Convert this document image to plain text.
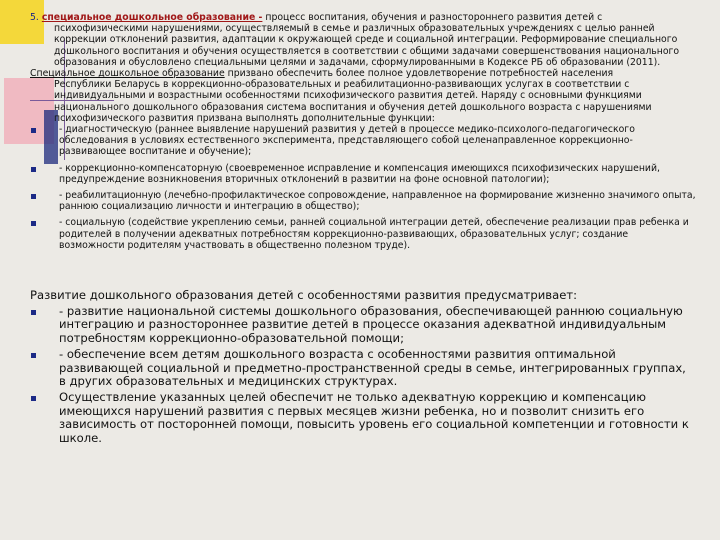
5. специальное дошкольное образование - процесс воспитания, обучения и разностороннего развития детей с
психофизическими нарушениями, осуществляемый в семье и различных образовательных учреждениях с целью ранней коррекции отклонений развития, адаптации к окружающей среде и социальной интеграции. Реформирование специального дошкольного воспитания и обучения осуществляется в соответствии с общими задачами совершенствования национального образования и обусловлено специальными целями и задачами, сформулированными в Кодексе РБ об образовании (2011).
Специальное дошкольное образование призвано обеспечить более полное удовлетворение потребностей населения
Республики Беларусь в коррекционно-образовательных и реабилитационно-развивающих услугах в соответствии с индивидуальными и возрастными особенностями психофизического развития детей. Наряду с основными функциями национального дошкольного образования система воспитания и обучения детей дошкольного возраста с нарушениями психофизического развития призвана выполнять дополнительные функции:
- диагностическую (раннее выявление нарушений развития у детей в процессе медико-психолого-педагогического обследования в условиях естественного эксперимента, представляющего собой целенаправленное коррекционно-развивающее воспитание и обучение);
- коррекционно-компенсаторную (своевременное исправление и компенсация имеющихся психофизических нарушений, предупреждение возникновения вторичных отклонений в развитии на фоне основной патологии);
- реабилитационную (лечебно-профилактическое сопровождение, направленное на формирование жизненно значимого опыта, раннюю социализацию личности и интеграцию в общество);
- социальную (содействие укреплению семьи, ранней социальной интеграции детей, обеспечение реализации прав ребенка и родителей в получении адекватных потребностям коррекционно-развивающих, образовательных услуг; создание возможности родителям участвовать в общественно полезном труде).
Развитие дошкольного образования детей с особенностями развития предусматривает:
- развитие национальной системы дошкольного образования, обеспечивающей раннюю социальную интеграцию и разностороннее развитие детей в процессе оказания адекватной индивидуальным потребностям коррекционно-образовательной помощи;
- обеспечение всем детям дошкольного возраста с особенностями развития оптимальной развивающей социальной и предметно-пространственной среды в семье, интегрированных группах, в других образовательных и медицинских структурах.
Осуществление указанных целей обеспечит не только адекватную коррекцию и компенсацию имеющихся нарушений развития с первых месяцев жизни ребенка, но и позволит снизить его зависимость от посторонней помощи, повысить уровень его социальной компетенции и готовности к школе.
